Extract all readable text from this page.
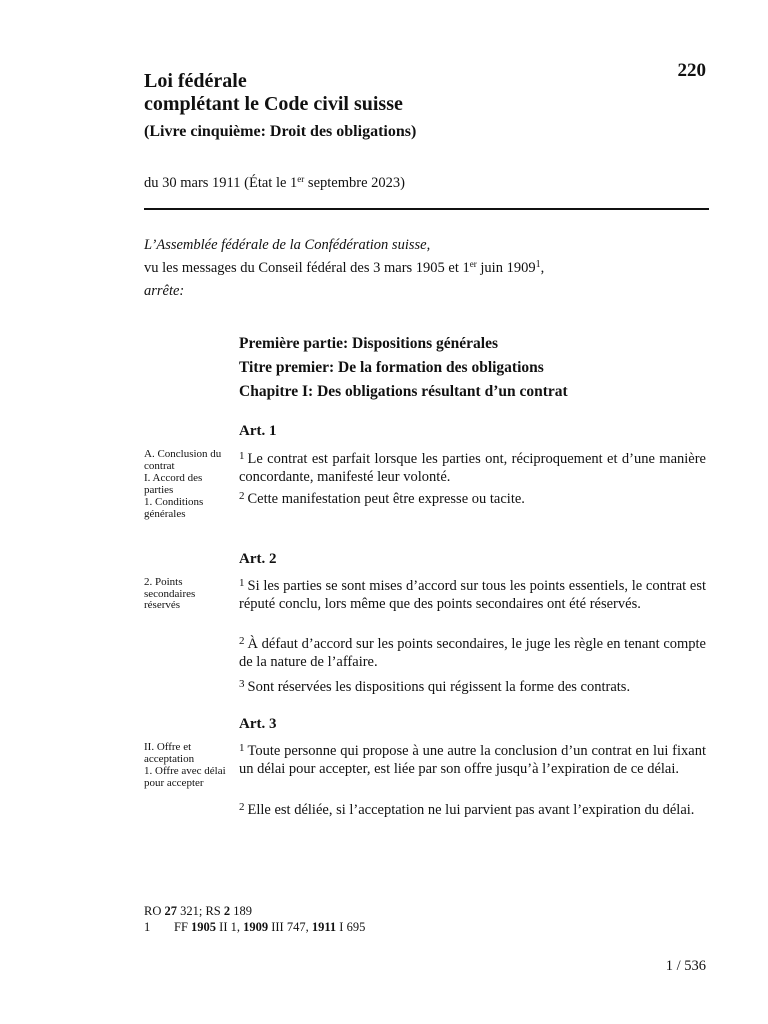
220
Loi fédérale
complétant le Code civil suisse
(Livre cinquième: Droit des obligations)
du 30 mars 1911 (État le 1er septembre 2023)
L’Assemblée fédérale de la Confédération suisse,
vu les messages du Conseil fédéral des 3 mars 1905 et 1er juin 1909$^1$,
arrête:
Première partie: Dispositions générales
Titre premier: De la formation des obligations
Chapitre I: Des obligations résultant d’un contrat
Art. 1
A. Conclusion du contrat
I. Accord des parties
1. Conditions générales
$^1$ Le contrat est parfait lorsque les parties ont, réciproquement et d’une manière concordante, manifesté leur volonté.
$^2$ Cette manifestation peut être expresse ou tacite.
Art. 2
2. Points secondaires réservés
$^1$ Si les parties se sont mises d’accord sur tous les points essentiels, le contrat est réputé conclu, lors même que des points secondaires ont été réservés.
$^2$ À défaut d’accord sur les points secondaires, le juge les règle en tenant compte de la nature de l’affaire.
$^3$ Sont réservées les dispositions qui régissent la forme des contrats.
Art. 3
II. Offre et acceptation
1. Offre avec délai pour accepter
$^1$ Toute personne qui propose à une autre la conclusion d’un contrat en lui fixant un délai pour accepter, est liée par son offre jusqu’à l’expiration de ce délai.
$^2$ Elle est déliée, si l’acceptation ne lui parvient pas avant l’expiration du délai.
RO 27 321; RS 2 189
1 FF 1905 II 1, 1909 III 747, 1911 I 695
1 / 536
